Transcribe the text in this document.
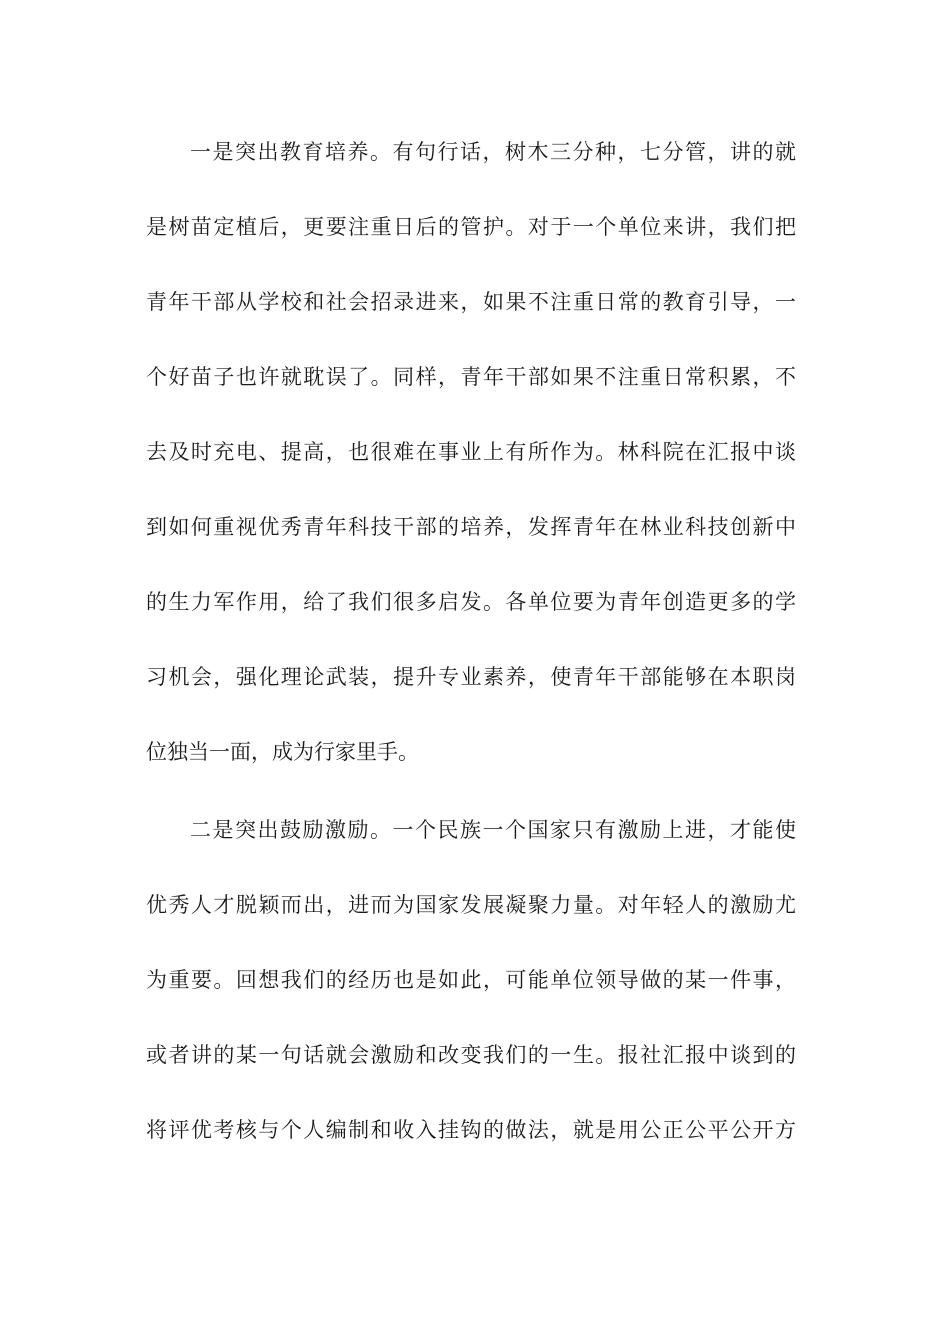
一是突出教育培养。有句行话，树木三分种，七分管，讲的就
是树苗定植后，更要注重日后的管护。对于一个单位来讲，我们把
青年干部从学校和社会招录进来，如果不注重日常的教育引导，一
个好苗子也许就耽误了。同样，青年干部如果不注重日常积累，不
去及时充电、提高，也很难在事业上有所作为。林科院在汇报中谈
到如何重视优秀青年科技干部的培养，发挥青年在林业科技创新中
的生力军作用，给了我们很多启发。各单位要为青年创造更多的学
习机会，强化理论武装，提升专业素养，使青年干部能够在本职岗
位独当一面，成为行家里手。
二是突出鼓励激励。一个民族一个国家只有激励上进，才能使
优秀人才脱颖而出，进而为国家发展凝聚力量。对年轻人的激励尤
为重要。回想我们的经历也是如此，可能单位领导做的某一件事，
或者讲的某一句话就会激励和改变我们的一生。报社汇报中谈到的
将评优考核与个人编制和收入挂钩的做法，就是用公正公平公开方
